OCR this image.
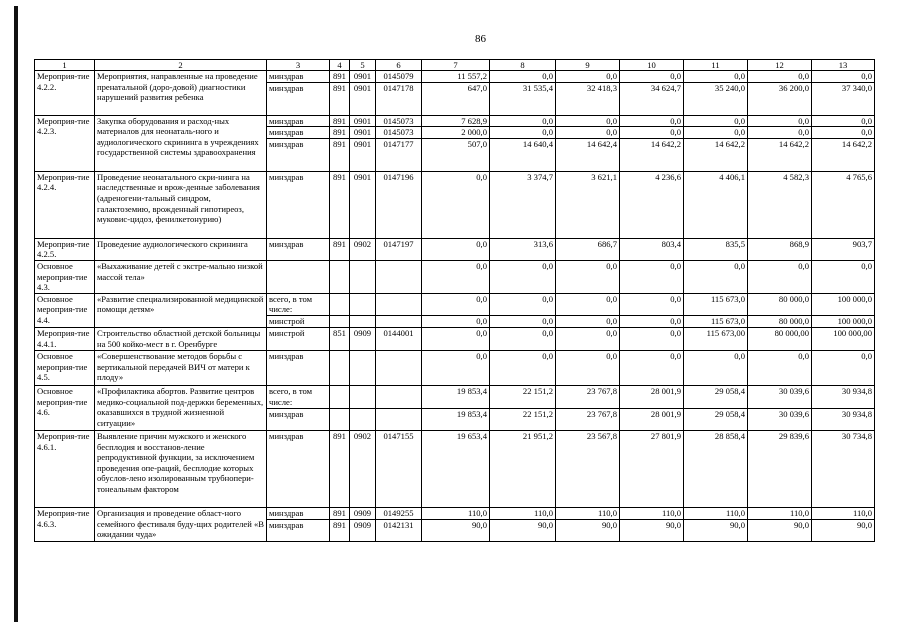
86
1	2	3	4	5	6	7	8	9	10	11	12	13
Мероприя-тие 4.2.2.	Мероприятия, направленные на проведение пренатальной (доро-довой) диагностики нарушений развития ребенка	минздрав	891	0901	0145079	11 557,2	0,0	0,0	0,0	0,0	0,0	0,0
		минздрав	891	0901	0147178	647,0	31 535,4	32 418,3	34 624,7	35 240,0	36 200,0	37 340,0
Мероприя-тие 4.2.3.	Закупка оборудования и расход-ных материалов для неонаталь-ного и аудиологического скрининга в учреждениях государственной системы здравоохранения	минздрав	891	0901	0145073	7 628,9	0,0	0,0	0,0	0,0	0,0	0,0
		минздрав	891	0901	0145073	2 000,0	0,0	0,0	0,0	0,0	0,0	0,0
		минздрав	891	0901	0147177	507,0	14 640,4	14 642,4	14 642,2	14 642,2	14 642,2	14 642,2
Мероприя-тие 4.2.4.	Проведение неонатального скри-нинга на наследственные и врож-денные заболевания (адреногени-тальный синдром, галактоземию, врожденный гипотиреоз, муковис-цидоз, фенилкетонурию)	минздрав	891	0901	0147196	0,0	3 374,7	3 621,1	4 236,6	4 406,1	4 582,3	4 765,6
Мероприя-тие 4.2.5.	Проведение аудиологического скрининга	минздрав	891	0902	0147197	0,0	313,6	686,7	803,4	835,5	868,9	903,7
Основное мероприя-тие 4.3.	«Выхаживание детей с экстре-мально низкой массой тела»					0,0	0,0	0,0	0,0	0,0	0,0	0,0
Основное мероприя-тие 4.4.	«Развитие специализированной медицинской помощи детям»	всего, в том числе:				0,0	0,0	0,0	0,0	115 673,0	80 000,0	100 000,0
		минстрой				0,0	0,0	0,0	0,0	115 673,0	80 000,0	100 000,0
Мероприя-тие 4.4.1.	Строительство областной детской больницы на 500 койко-мест в г. Оренбурге	минстрой	851	0909	0144001	0,0	0,0	0,0	0,0	115 673,00	80 000,00	100 000,00
Основное мероприя-тие 4.5.	«Совершенствование методов борьбы с вертикальной передачей ВИЧ от матери к плоду»	минздрав				0,0	0,0	0,0	0,0	0,0	0,0	0,0
Основное мероприя-тие 4.6.	«Профилактика абортов. Развитие центров медико-социальной под-держки беременных, оказавшихся в трудной жизненной ситуации»	всего, в том числе:				19 853,4	22 151,2	23 767,8	28 001,9	29 058,4	30 039,6	30 934,8
		минздрав				19 853,4	22 151,2	23 767,8	28 001,9	29 058,4	30 039,6	30 934,8
Мероприя-тие 4.6.1.	Выявление причин мужского и женского бесплодия и восстанов-ление репродуктивной функции, за исключением проведения опе-раций, бесплодие которых обуслов-лено изолированным трубнопери-тонеальным фактором	минздрав	891	0902	0147155	19 653,4	21 951,2	23 567,8	27 801,9	28 858,4	29 839,6	30 734,8
Мероприя-тие 4.6.3.	Организация и проведение област-ного семейного фестиваля буду-щих родителей «В ожидании чуда»	минздрав	891	0909	0149255	110,0	110,0	110,0	110,0	110,0	110,0	110,0
		минздрав	891	0909	0142131	90,0	90,0	90,0	90,0	90,0	90,0	90,0
